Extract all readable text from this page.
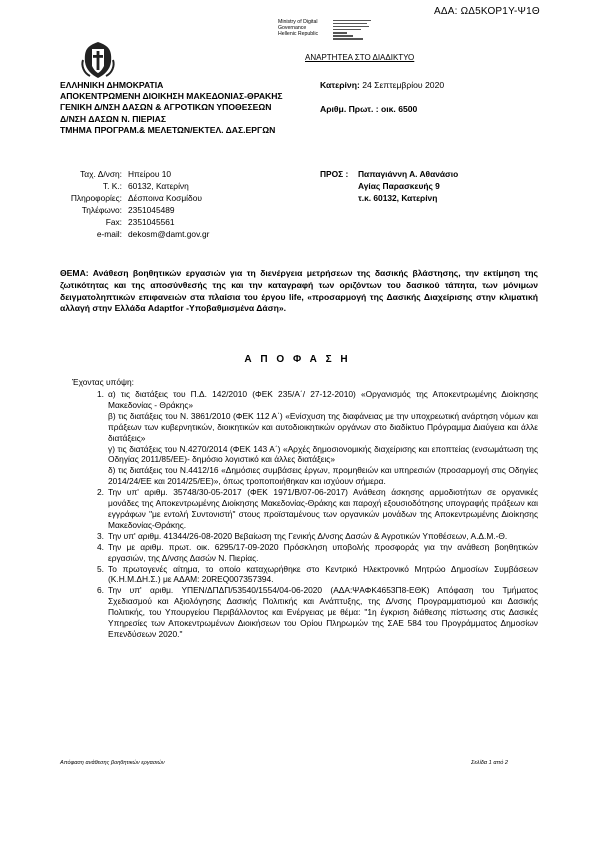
ΑΔΑ: ΩΔ5ΚΟΡ1Υ-Ψ1Θ
Ministry of Digital
Governance
Hellenic Republic
ΑΝΑΡΤΗΤΕΑ ΣΤΟ ΔΙΑΔΙΚΤΥΟ
ΕΛΛΗΝΙΚΗ ΔΗΜΟΚΡΑΤΙΑ
ΑΠΟΚΕΝΤΡΩΜΕΝΗ ΔΙΟΙΚΗΣΗ ΜΑΚΕΔΟΝΙΑΣ-ΘΡΑΚΗΣ
ΓΕΝΙΚΗ Δ/ΝΣΗ ΔΑΣΩΝ & ΑΓΡΟΤΙΚΩΝ ΥΠΟΘΕΣΕΩΝ
Δ/ΝΣΗ ΔΑΣΩΝ Ν. ΠΙΕΡΙΑΣ
ΤΜΗΜΑ ΠΡΟΓΡΑΜ.& ΜΕΛΕΤΩΝ/ΕΚΤΕΛ. ΔΑΣ.ΕΡΓΩΝ
Κατερίνη: 24 Σεπτεμβρίου 2020
Αριθμ. Πρωτ. : οικ. 6500
Ταχ. Δ/νση: Ηπείρου 10
Τ. Κ.: 60132, Κατερίνη
Πληροφορίες: Δέσποινα Κοσμίδου
Τηλέφωνο: 2351045489
Fax: 2351045561
e-mail: dekosm@damt.gov.gr
ΠΡΟΣ :	Παπαγιάννη Α. Αθανάσιο
Αγίας Παρασκευής 9
τ.κ. 60132, Κατερίνη
ΘΕΜΑ: Ανάθεση βοηθητικών εργασιών για τη διενέργεια μετρήσεων της δασικής βλάστησης, την εκτίμηση της ζωτικότητας και της αποσύνθεσής της και την καταγραφή των οριζόντων του δασικού τάπητα, των μόνιμων δειγματοληπτικών επιφανειών στα πλαίσια του έργου life, «προσαρμογή της Δασικής Διαχείρισης στην κλιματική αλλαγή στην Ελλάδα Adaptfor -Υποβαθμισμένα Δάση».
Α Π Ο Φ Α Σ Η
Έχοντας υπόψη:
1. α) τις διατάξεις του Π.Δ. 142/2010 (ΦΕΚ 235/Α΄/ 27-12-2010) «Οργανισμός της Αποκεντρωμένης Διοίκησης Μακεδονίας - Θράκης»
β) τις διατάξεις του Ν. 3861/2010 (ΦΕΚ 112 Α΄) «Ενίσχυση της διαφάνειας με την υποχρεωτική ανάρτηση νόμων και πράξεων των κυβερνητικών, διοικητικών και αυτοδιοικητικών οργάνων στο διαδίκτυο Πρόγραμμα Διαύγεια και άλλε διατάξεις»
γ) τις διατάξεις του Ν.4270/2014 (ΦΕΚ 143 Α΄) «Αρχές δημοσιονομικής διαχείρισης και εποπτείας (ενσωμάτωση της Οδηγίας 2011/85/ΕΕ)- δημόσιο λογιστικό και άλλες διατάξεις»
δ) τις διατάξεις του Ν.4412/16 «Δημόσιες συμβάσεις έργων, προμηθειών και υπηρεσιών (προσαρμογή στις Οδηγίες 2014/24/ΕΕ και 2014/25/ΕΕ)», όπως τροποποιήθηκαν και ισχύουν σήμερα.
2. Την υπ' αριθμ. 35748/30-05-2017 (ΦΕΚ 1971/Β/07-06-2017) Ανάθεση άσκησης αρμοδιοτήτων σε οργανικές μονάδες της Αποκεντρωμένης Διοίκησης Μακεδονίας-Θράκης και παροχή εξουσιοδότησης υπογραφής πράξεων και εγγράφων "με εντολή Συντονιστή" στους προϊσταμένους των οργανικών μονάδων της Αποκεντρωμένης Διοίκησης Μακεδονίας-Θράκης.
3. Την υπ' αριθμ. 41344/26-08-2020 Βεβαίωση της Γενικής Δ/νσης Δασών & Αγροτικών Υποθέσεων, Α.Δ.Μ.-Θ.
4. Την με αριθμ. πρωτ. οικ. 6295/17-09-2020 Πρόσκληση υποβολής προσφοράς για την ανάθεση βοηθητικών εργασιών, της Δ/νσης Δασών Ν. Πιερίας.
5. Το πρωτογενές αίτημα, το οποίο καταχωρήθηκε στο Κεντρικό Ηλεκτρονικό Μητρώο Δημοσίων Συμβάσεων (Κ.Η.Μ.ΔΗ.Σ.) με ΑΔΑΜ: 20REQ007357394.
6. Την υπ' αριθμ. ΥΠΕΝ/ΔΠΔΠ/53540/1554/04-06-2020 (ΑΔΑ:ΨΑΦΚ4653Π8-ΕΘΚ) Απόφαση του Τμήματος Σχεδιασμού και Αξιολόγησης Δασικής Πολιτικής και Ανάπτυξης, της Δ/νσης Προγραμματισμού και Δασικής Πολιτικής, του Υπουργείου Περιβάλλοντος και Ενέργειας με θέμα: "1η έγκριση διάθεσης πίστωσης στις Δασικές Υπηρεσίες των Αποκεντρωμένων Διοικήσεων του Ορίου Πληρωμών της ΣΑΕ 584 του Προγράμματος Δημοσίων Επενδύσεων 2020."
Απόφαση ανάθεσης βοηθητικών εργασιών	Σελίδα 1 από 2
